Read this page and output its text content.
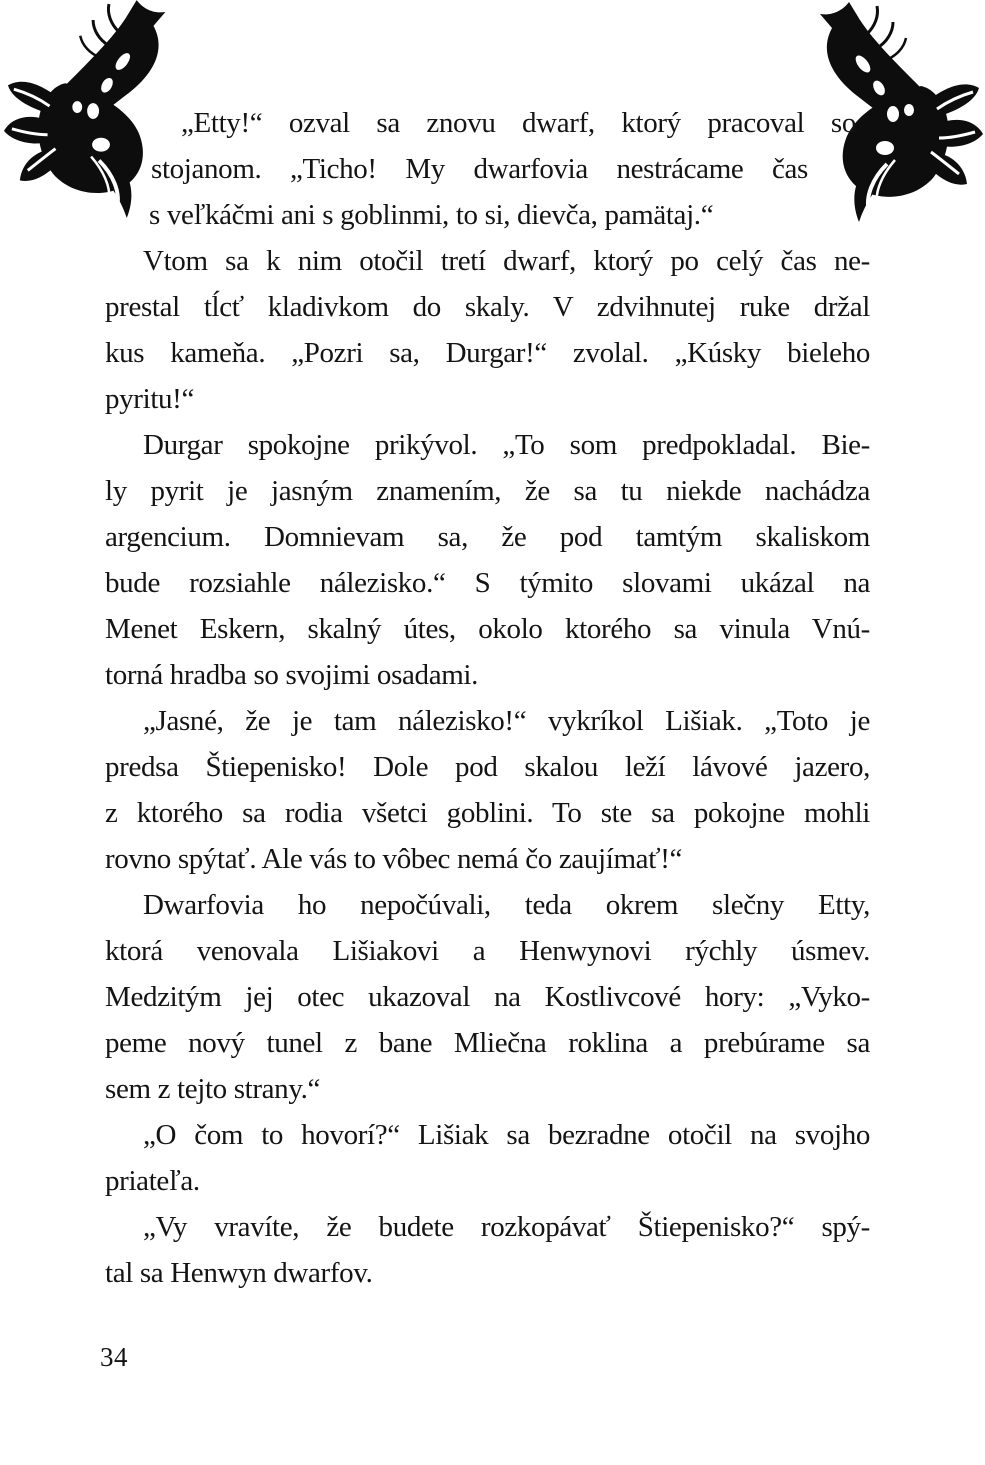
„Etty!“ ozval sa znovu dwarf, ktorý pracoval so
stojanom. „Ticho! My dwarfovia nestrácame čas
s veľkáčmi ani s goblinmi, to si, dievča, pamätaj.“
Vtom sa k nim otočil tretí dwarf, ktorý po celý čas ne-
prestal tĺcť kladivkom do skaly. V zdvihnutej ruke držal
kus kameňa. „Pozri sa, Durgar!“ zvolal. „Kúsky bieleho
pyritu!“
Durgar spokojne prikývol. „To som predpokladal. Bie-
ly pyrit je jasným znamením, že sa tu niekde nachádza
argencium. Domnievam sa, že pod tamtým skaliskom
bude rozsiahle nálezisko.“ S týmito slovami ukázal na
Menet Eskern, skalný útes, okolo ktorého sa vinula Vnú-
torná hradba so svojimi osadami.
„Jasné, že je tam nálezisko!“ vykríkol Lišiak. „Toto je
predsa Štiepenisko! Dole pod skalou leží lávové jazero,
z ktorého sa rodia všetci goblini. To ste sa pokojne mohli
rovno spýtať. Ale vás to vôbec nemá čo zaujímať!“
Dwarfovia ho nepočúvali, teda okrem slečny Etty,
ktorá venovala Lišiakovi a Henwynovi rýchly úsmev.
Medzitým jej otec ukazoval na Kostlivcové hory: „Vyko-
peme nový tunel z bane Mliečna roklina a prebúrame sa
sem z tejto strany.“
„O čom to hovorí?“ Lišiak sa bezradne otočil na svojho
priateľa.
„Vy vravíte, že budete rozkopávať Štiepenisko?“ spý-
tal sa Henwyn dwarfov.
34
